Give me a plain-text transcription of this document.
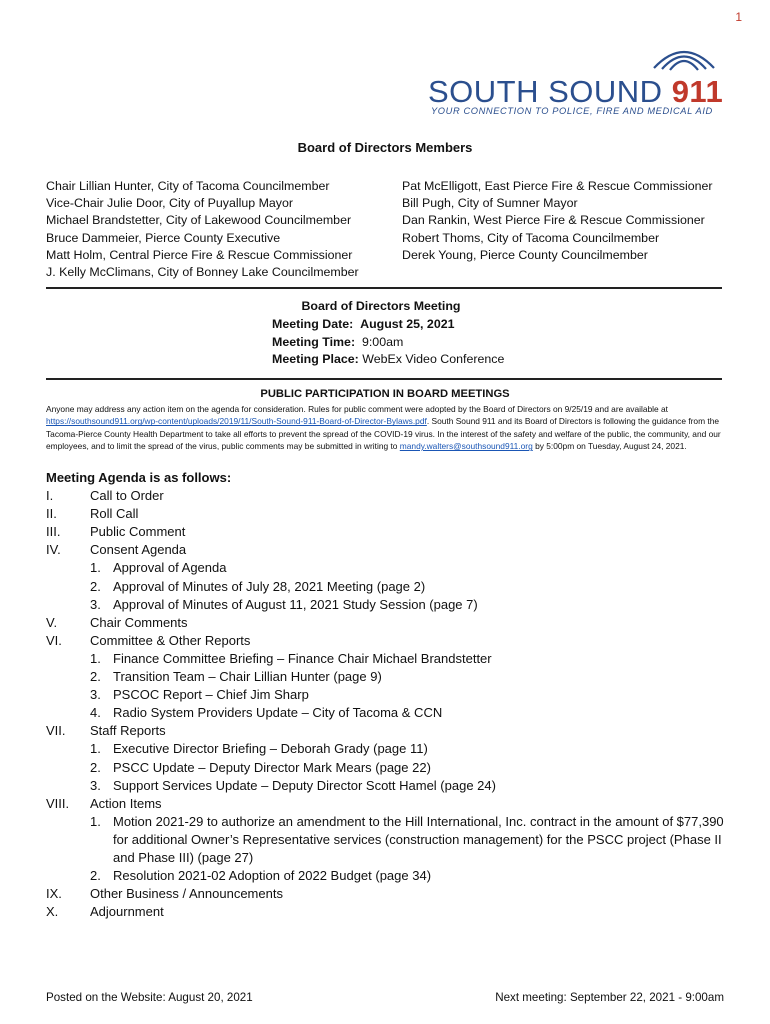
1
SOUTH SOUND 911
YOUR CONNECTION TO POLICE, FIRE AND MEDICAL AID
Board of Directors Members
Chair Lillian Hunter, City of Tacoma Councilmember
Vice-Chair Julie Door, City of Puyallup Mayor
Michael Brandstetter, City of Lakewood Councilmember
Bruce Dammeier, Pierce County Executive
Matt Holm, Central Pierce Fire & Rescue Commissioner
J. Kelly McClimans, City of Bonney Lake Councilmember
Pat McElligott, East Pierce Fire & Rescue Commissioner
Bill Pugh, City of Sumner Mayor
Dan Rankin, West Pierce Fire & Rescue Commissioner
Robert Thoms, City of Tacoma Councilmember
Derek Young, Pierce County Councilmember
Board of Directors Meeting
Meeting Date: August 25, 2021
Meeting Time: 9:00am
Meeting Place: WebEx Video Conference
PUBLIC PARTICIPATION IN BOARD MEETINGS
Anyone may address any action item on the agenda for consideration. Rules for public comment were adopted by the Board of Directors on 9/25/19 and are available at https://southsound911.org/wp-content/uploads/2019/11/South-Sound-911-Board-of-Director-Bylaws.pdf. South Sound 911 and its Board of Directors is following the guidance from the Tacoma-Pierce County Health Department to take all efforts to prevent the spread of the COVID-19 virus. In the interest of the safety and welfare of the public, the community, and our employees, and to limit the spread of the virus, public comments may be submitted in writing to mandy.walters@southsound911.org by 5:00pm on Tuesday, August 24, 2021.
Meeting Agenda is as follows:
I.	Call to Order
II.	Roll Call
III.	Public Comment
IV.	Consent Agenda
1. Approval of Agenda
2. Approval of Minutes of July 28, 2021 Meeting (page 2)
3. Approval of Minutes of August 11, 2021 Study Session (page 7)
V.	Chair Comments
VI.	Committee & Other Reports
1. Finance Committee Briefing – Finance Chair Michael Brandstetter
2. Transition Team – Chair Lillian Hunter (page 9)
3. PSCOC Report – Chief Jim Sharp
4. Radio System Providers Update – City of Tacoma & CCN
VII.	Staff Reports
1. Executive Director Briefing – Deborah Grady (page 11)
2. PSCC Update – Deputy Director Mark Mears (page 22)
3. Support Services Update – Deputy Director Scott Hamel (page 24)
VIII.	Action Items
1. Motion 2021-29 to authorize an amendment to the Hill International, Inc. contract in the amount of $77,390 for additional Owner’s Representative services (construction management) for the PSCC project (Phase II and Phase III) (page 27)
2. Resolution 2021-02 Adoption of 2022 Budget (page 34)
IX.	Other Business / Announcements
X.	Adjournment
Posted on the Website: August 20, 2021	Next meeting: September 22, 2021 - 9:00am
